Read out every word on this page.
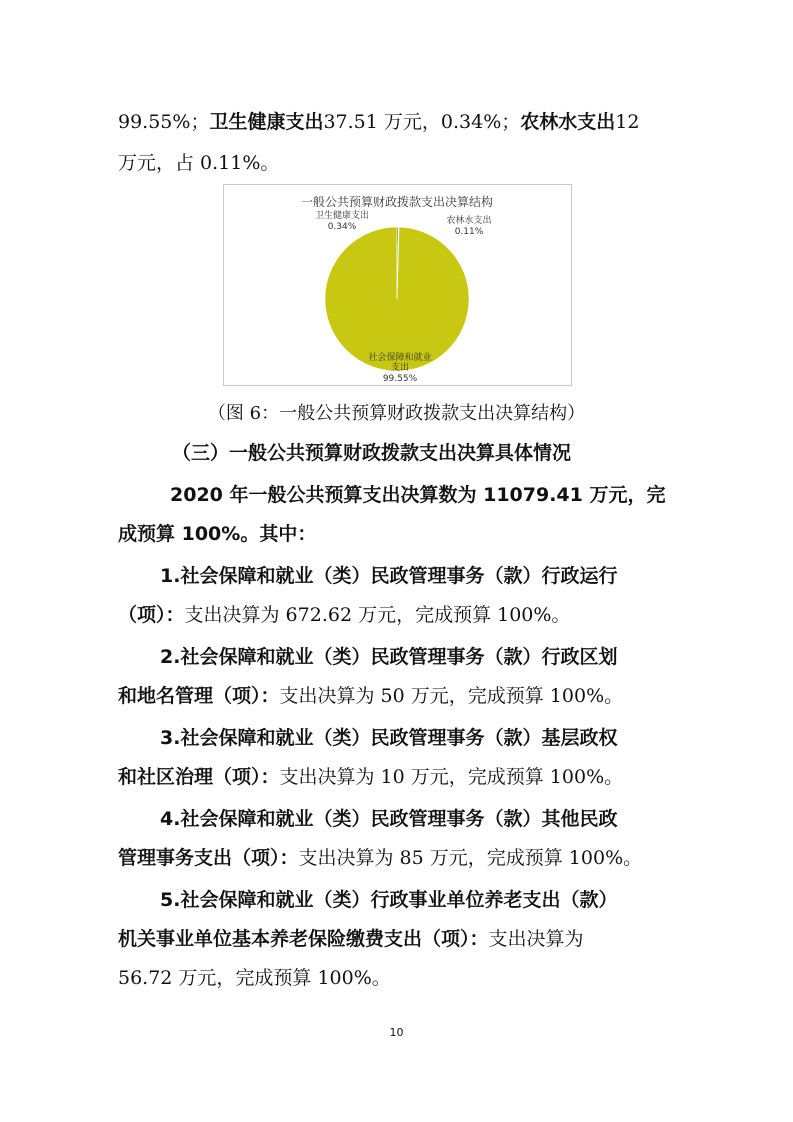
99.55%；卫生健康支出37.51 万元，0.34%；农林水支出12
万元，占 0.11%。
一般公共预算财政拨款支出决算结构
卫生健康支出
0.34%
农林水支出
0.11%
社会保障和就业
支出
99.55%
（图 6：一般公共预算财政拨款支出决算结构）
（三）一般公共预算财政拨款支出决算具体情况
2020 年一般公共预算支出决算数为 11079.41 万元，完
成预算 100%。其中：
1.社会保障和就业（类）民政管理事务（款）行政运行
（项）：支出决算为 672.62 万元，完成预算 100%。
2.社会保障和就业（类）民政管理事务（款）行政区划
和地名管理（项）：支出决算为 50 万元，完成预算 100%。
3.社会保障和就业（类）民政管理事务（款）基层政权
和社区治理（项）：支出决算为 10 万元，完成预算 100%。
4.社会保障和就业（类）民政管理事务（款）其他民政
管理事务支出（项）：支出决算为 85 万元，完成预算 100%。
5.社会保障和就业（类）行政事业单位养老支出（款）
机关事业单位基本养老保险缴费支出（项）：支出决算为
56.72 万元，完成预算 100%。
10
